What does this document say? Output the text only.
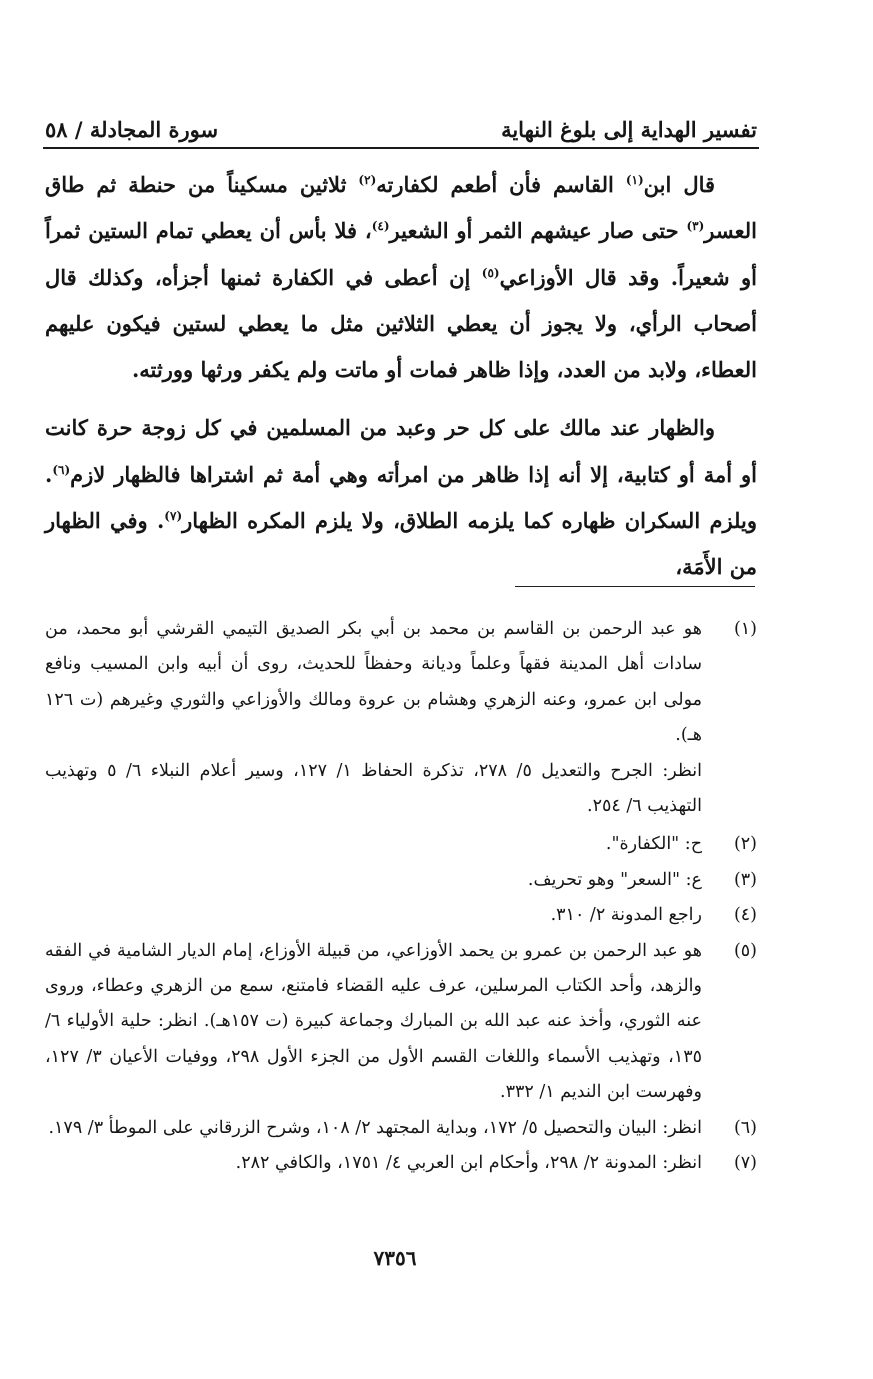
تفسير الهداية إلى بلوغ النهاية
سورة المجادلة / ٥٨

قال ابن$^{(١)}$ القاسم فأن أطعم لكفارته$^{(٢)}$ ثلاثين مسكيناً من حنطة ثم طاق العسر$^{(٣)}$ حتى صار عيشهم الثمر أو الشعير$^{(٤)}$، فلا بأس أن يعطي تمام الستين ثمراً أو شعيراً. وقد قال الأوزاعي$^{(٥)}$ إن أعطى في الكفارة ثمنها أجزأه، وكذلك قال أصحاب الرأي، ولا يجوز أن يعطي الثلاثين مثل ما يعطي لستين فيكون عليهم العطاء، ولابد من العدد، وإذا ظاهر فمات أو ماتت ولم يكفر ورثها وورثته.

والظهار عند مالك على كل حر وعبد من المسلمين في كل زوجة حرة كانت أو أمة أو كتابية، إلا أنه إذا ظاهر من امرأته وهي أمة ثم اشتراها فالظهار لازم$^{(٦)}$. ويلزم السكران ظهاره كما يلزمه الطلاق، ولا يلزم المكره الظهار$^{(٧)}$. وفي الظهار من الأَمَة،

(١)
هو عبد الرحمن بن القاسم بن محمد بن أبي بكر الصديق التيمي القرشي أبو محمد، من سادات أهل المدينة فقهاً وعلماً وديانة وحفظاً للحديث، روى أن أبيه وابن المسيب ونافع مولى ابن عمرو، وعنه الزهري وهشام بن عروة ومالك والأوزاعي والثوري وغيرهم (ت ١٢٦ هـ).
انظر: الجرح والتعديل ٥/ ٢٧٨، تذكرة الحفاظ ١/ ١٢٧، وسير أعلام النبلاء ٦/ ٥ وتهذيب التهذيب ٦/ ٢٥٤.
(٢)
ح: "الكفارة".
(٣)
ع: "السعر" وهو تحريف.
(٤)
راجع المدونة ٢/ ٣١٠.
(٥)
هو عبد الرحمن بن عمرو بن يحمد الأوزاعي، من قبيلة الأوزاع، إمام الديار الشامية في الفقه والزهد، وأحد الكتاب المرسلين، عرف عليه القضاء فامتنع، سمع من الزهري وعطاء، وروى عنه الثوري، وأخذ عنه عبد الله بن المبارك وجماعة كبيرة (ت ١٥٧هـ). انظر: حلية الأولياء ٦/ ١٣٥، وتهذيب الأسماء واللغات القسم الأول من الجزء الأول ٢٩٨، ووفيات الأعيان ٣/ ١٢٧، وفهرست ابن النديم ١/ ٣٣٢.
(٦)
انظر: البيان والتحصيل ٥/ ١٧٢، وبداية المجتهد ٢/ ١٠٨، وشرح الزرقاني على الموطأ ٣/ ١٧٩.
(٧)
انظر: المدونة ٢/ ٢٩٨، وأحكام ابن العربي ٤/ ١٧٥١، والكافي ٢٨٢.
٧٣٥٦
